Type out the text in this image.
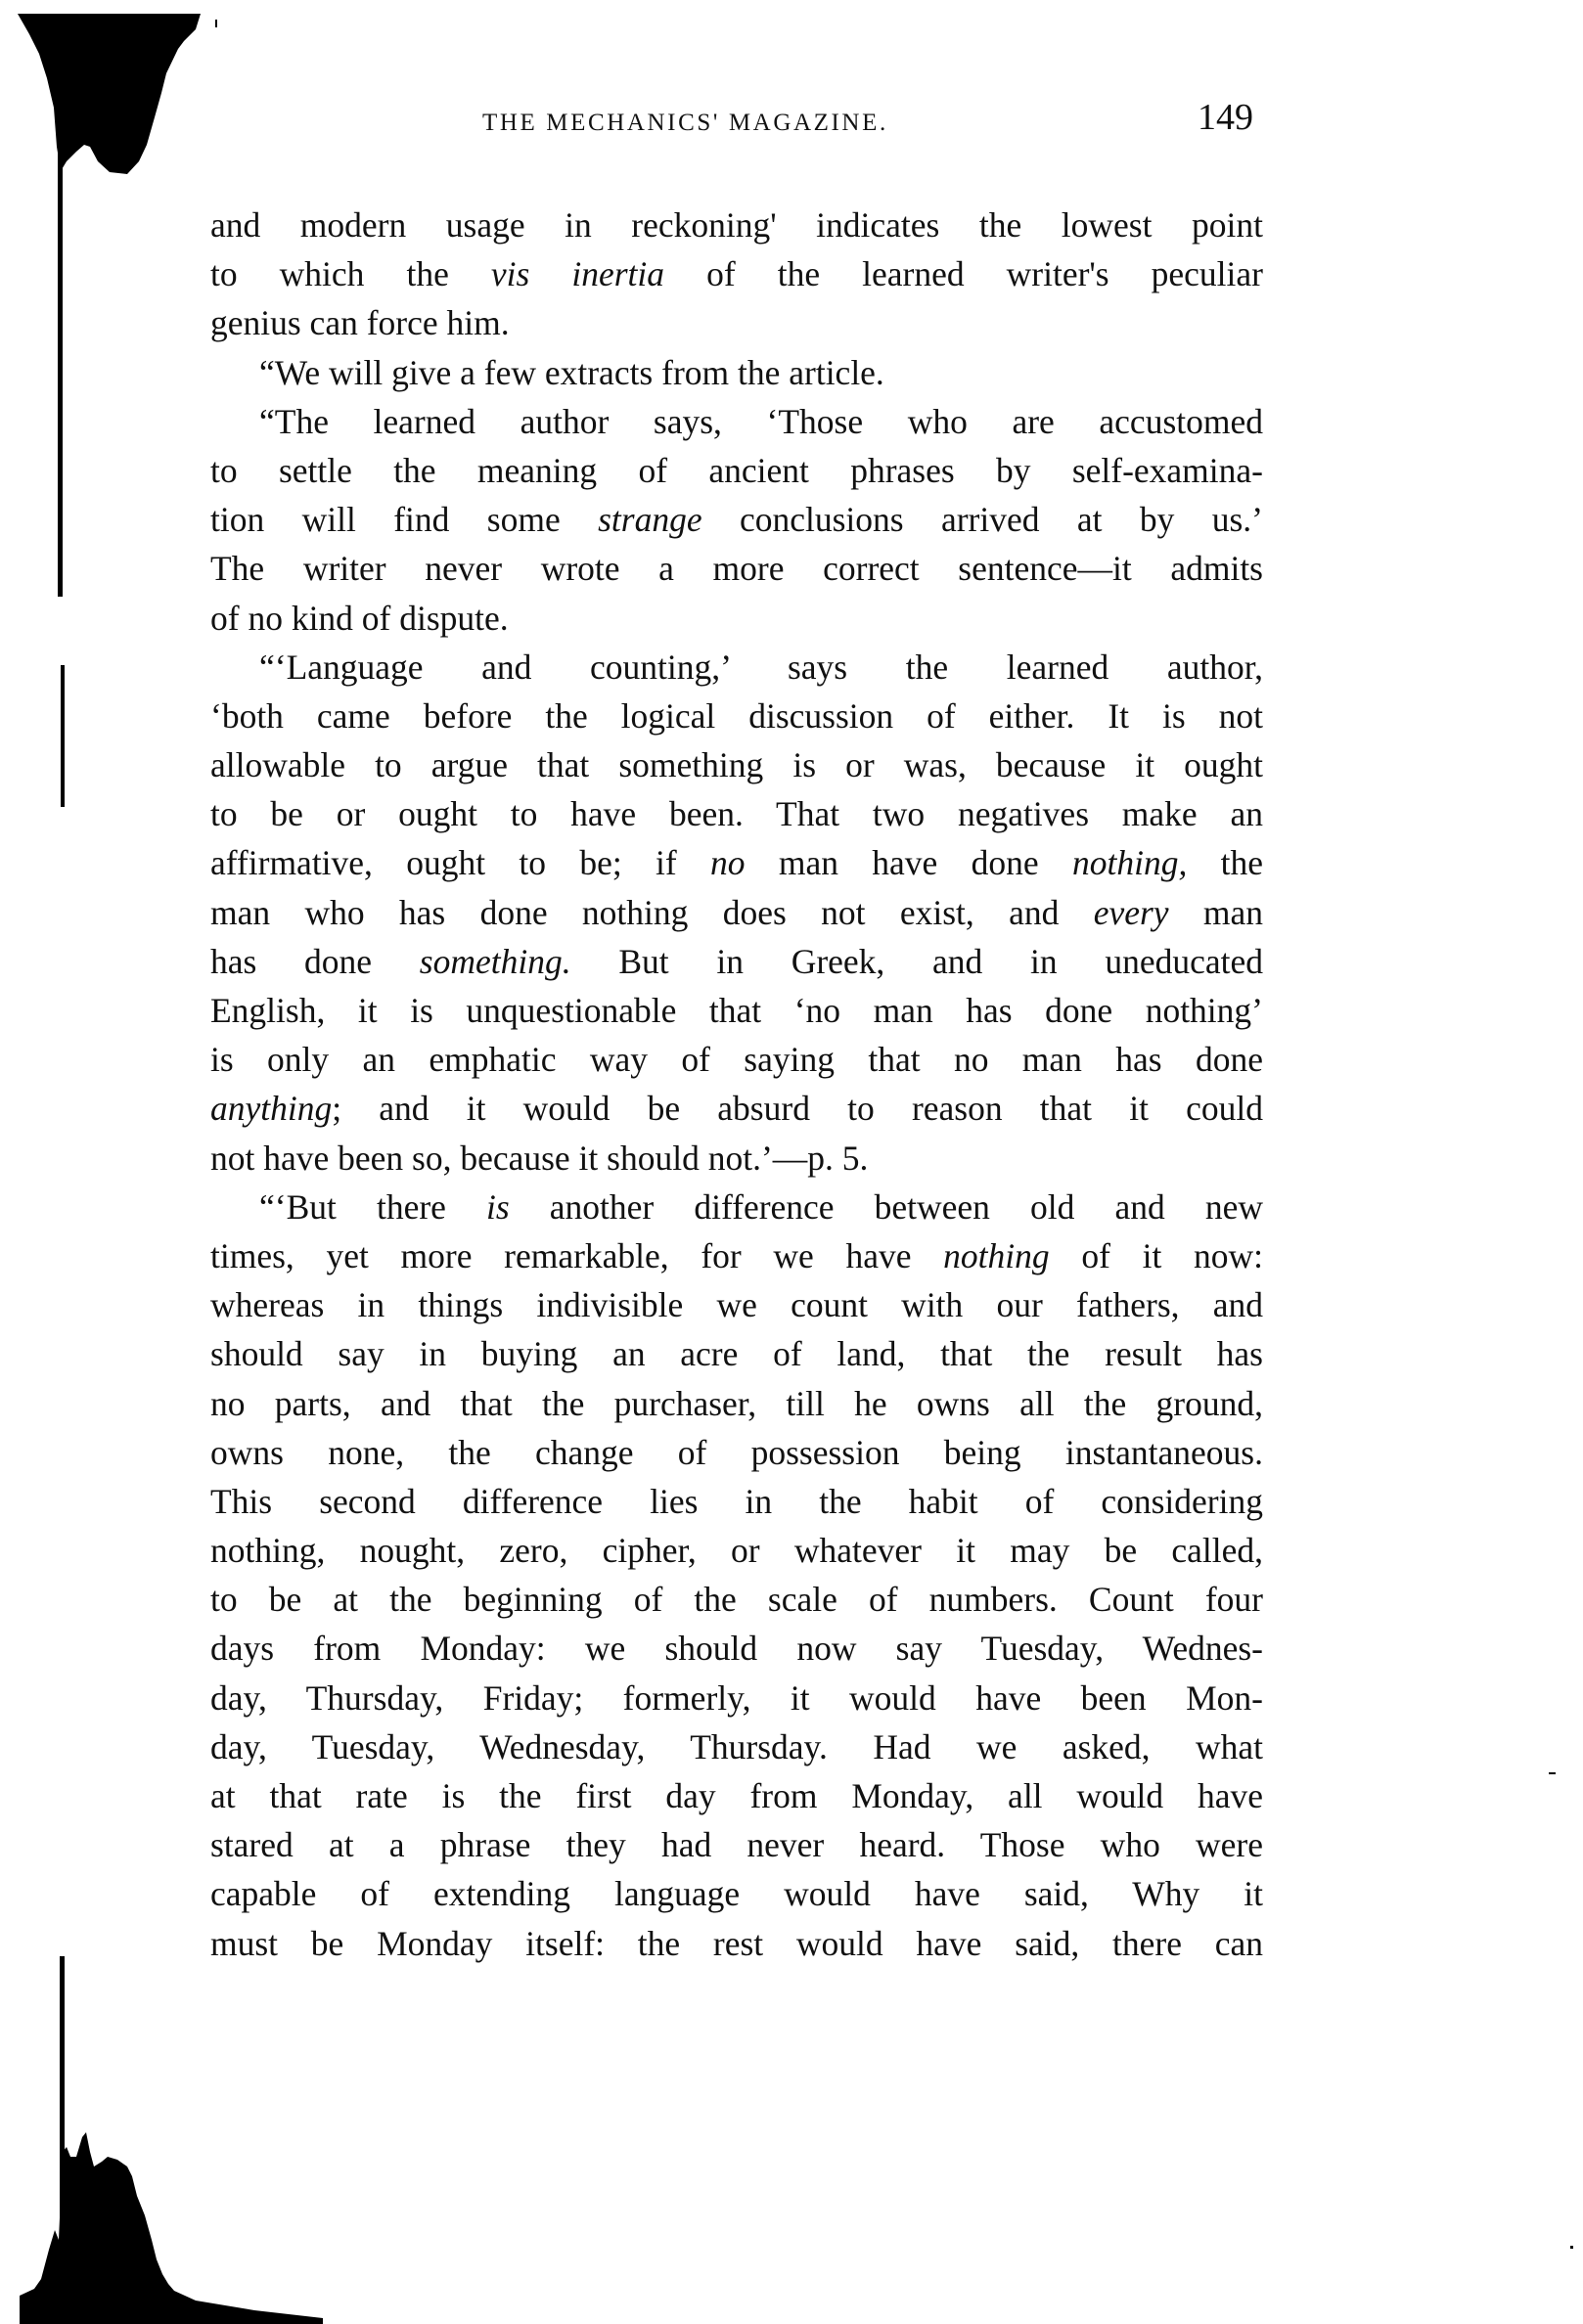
THE MECHANICS' MAGAZINE.	149
and modern usage in reckoning' indicates the lowest point
to which the vis inertia of the learned writer's peculiar
genius can force him.
“We will give a few extracts from the article.
“The learned author says, ‘Those who are accustomed
to settle the meaning of ancient phrases by self-examina-
tion will find some strange conclusions arrived at by us.’
The writer never wrote a more correct sentence—it admits
of no kind of dispute.
“‘Language and counting,’ says the learned author,
‘both came before the logical discussion of either. It is not
allowable to argue that something is or was, because it ought
to be or ought to have been. That two negatives make an
affirmative, ought to be; if no man have done nothing, the
man who has done nothing does not exist, and every man
has done something. But in Greek, and in uneducated
English, it is unquestionable that ‘no man has done nothing’
is only an emphatic way of saying that no man has done
anything; and it would be absurd to reason that it could
not have been so, because it should not.’—p. 5.
“‘But there is another difference between old and new
times, yet more remarkable, for we have nothing of it now:
whereas in things indivisible we count with our fathers, and
should say in buying an acre of land, that the result has
no parts, and that the purchaser, till he owns all the ground,
owns none, the change of possession being instantaneous.
This second difference lies in the habit of considering
nothing, nought, zero, cipher, or whatever it may be called,
to be at the beginning of the scale of numbers. Count four
days from Monday: we should now say Tuesday, Wednes-
day, Thursday, Friday; formerly, it would have been Mon-
day, Tuesday, Wednesday, Thursday. Had we asked, what
at that rate is the first day from Monday, all would have
stared at a phrase they had never heard. Those who were
capable of extending language would have said, Why it
must be Monday itself: the rest would have said, there can
